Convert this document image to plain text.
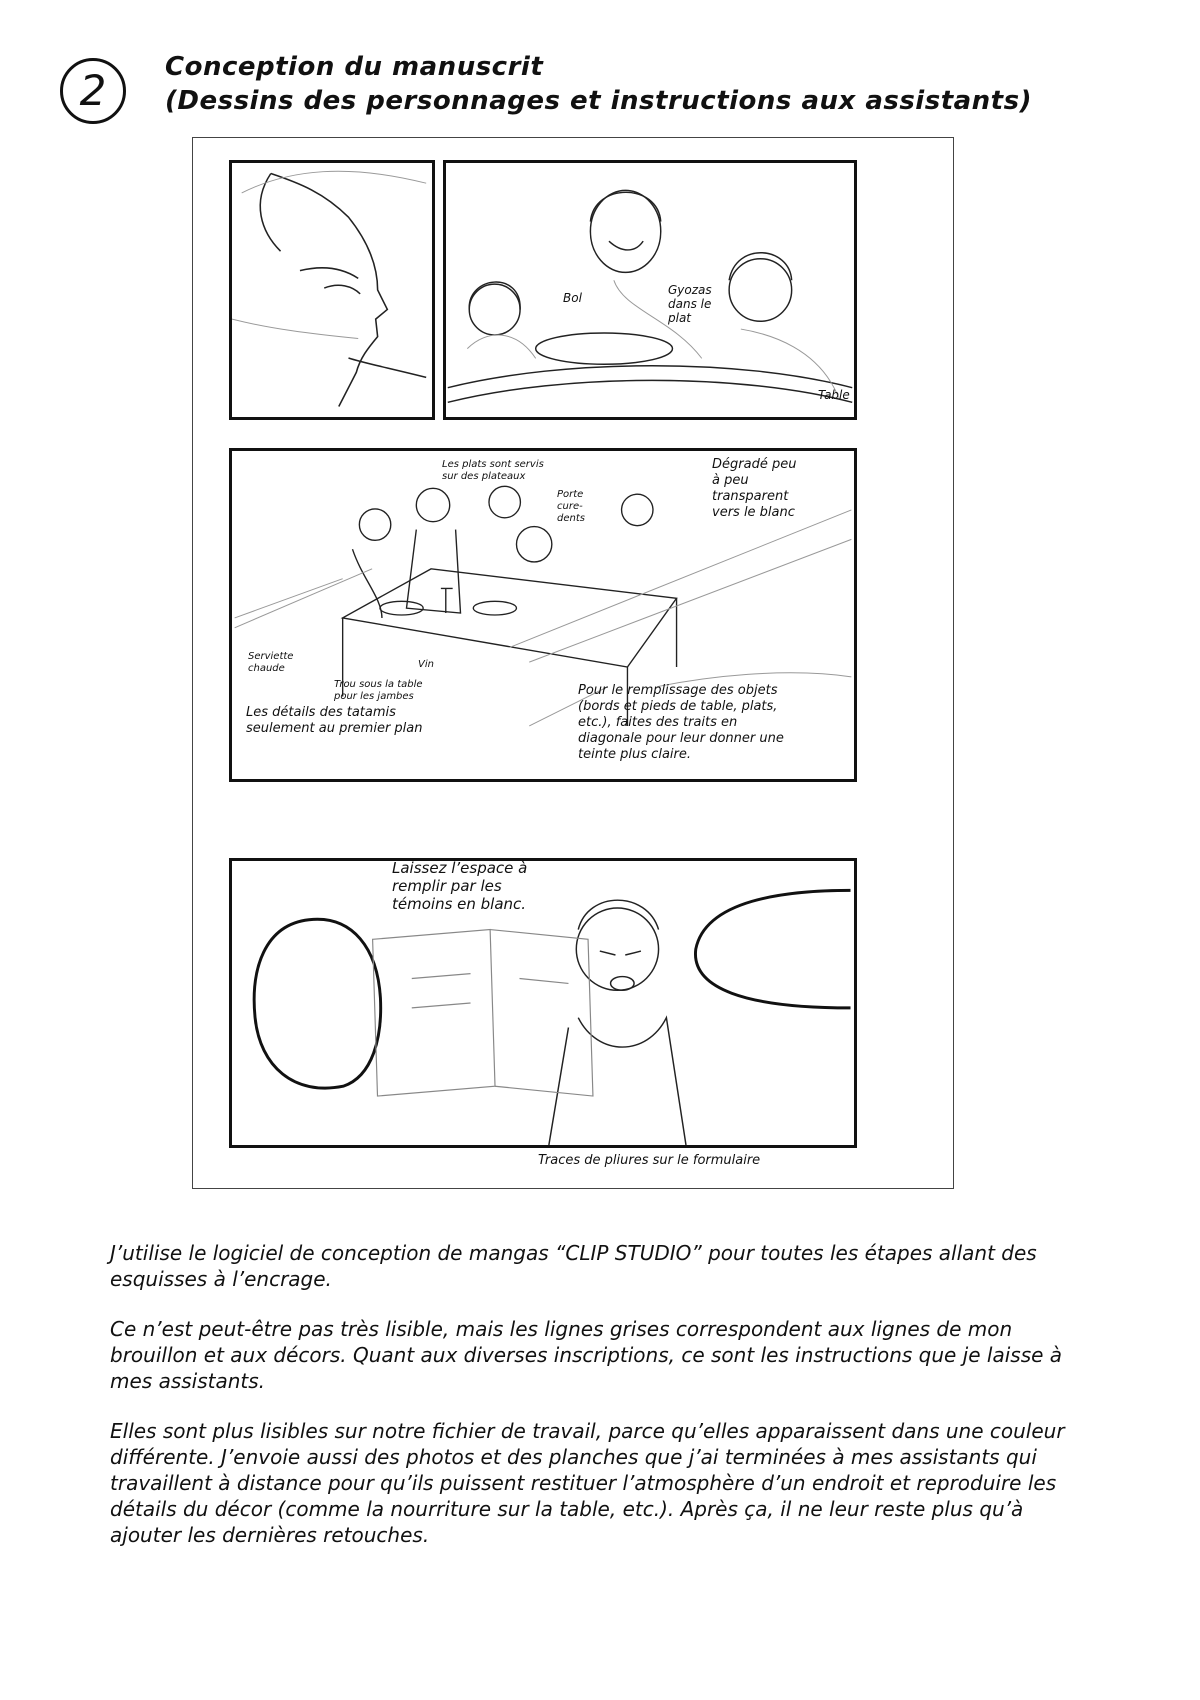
2	Conception du manuscrit
(Dessins des personnages et instructions aux assistants)
Bol
Gyozas dans le plat
Table
Les plats sont servis sur des plateaux
Porte cure-dents
Dégradé peu à peu transparent vers le blanc
Serviette chaude
Trou sous la table pour les jambes
Vin
Les détails des tatamis seulement au premier plan
Pour le remplissage des objets (bords et pieds de table, plats, etc.), faites des traits en diagonale pour leur donner une teinte plus claire.
Laissez l’espace à remplir par les témoins en blanc.
Traces de pliures sur le formulaire

J’utilise le logiciel de conception de mangas “CLIP STUDIO” pour toutes les étapes allant des esquisses à l’encrage.

Ce n’est peut-être pas très lisible, mais les lignes grises correspondent aux lignes de mon brouillon et aux décors. Quant aux diverses inscriptions, ce sont les instructions que je laisse à mes assistants.

Elles sont plus lisibles sur notre fichier de travail, parce qu’elles apparaissent dans une couleur différente. J’envoie aussi des photos et des planches que j’ai terminées à mes assistants qui travaillent à distance pour qu’ils puissent restituer l’atmosphère d’un endroit et reproduire les détails du décor (comme la nourriture sur la table, etc.). Après ça, il ne leur reste plus qu’à ajouter les dernières retouches.
